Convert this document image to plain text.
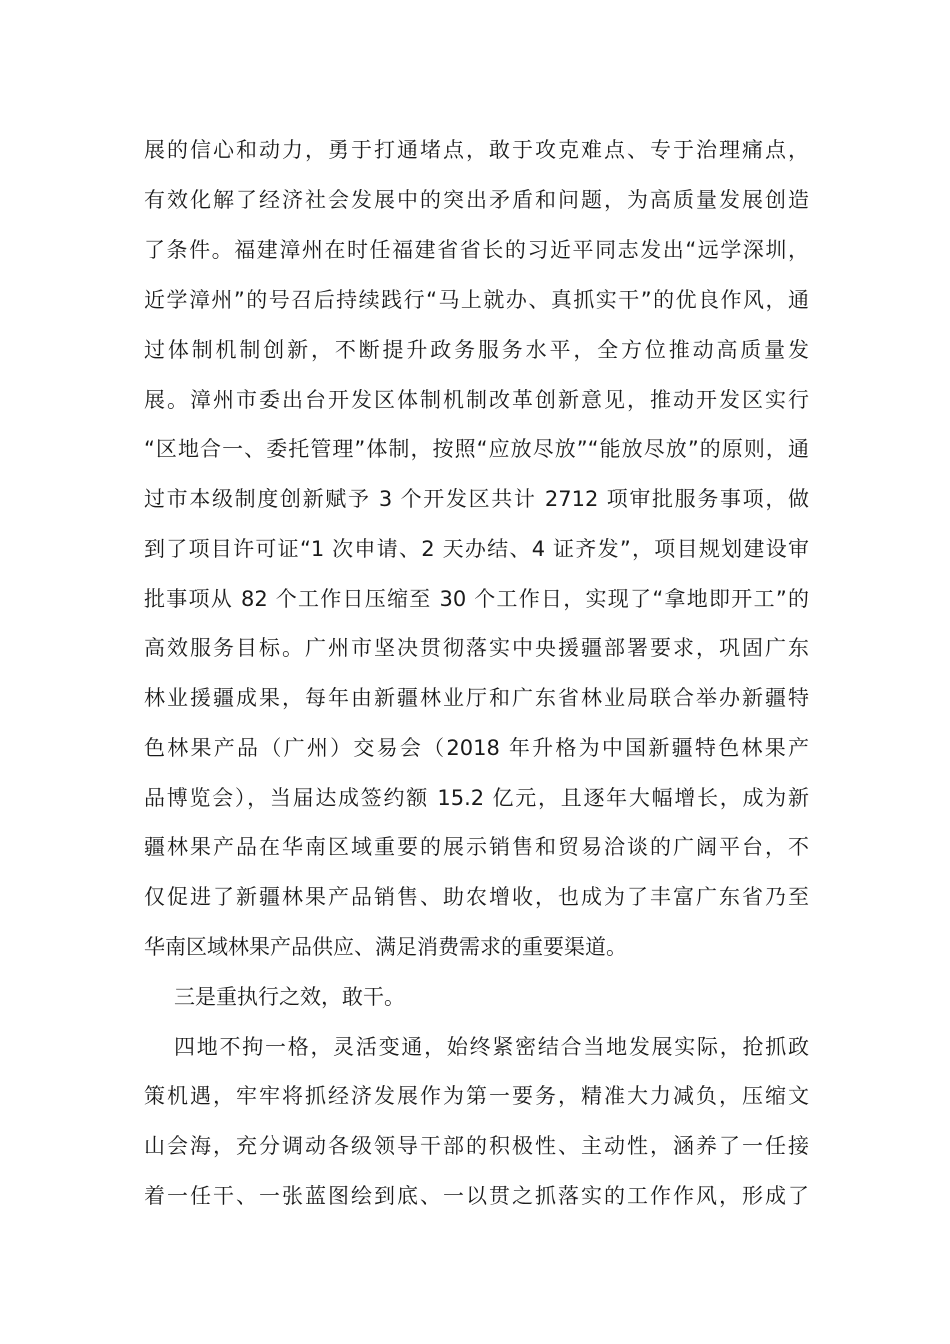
展的信心和动力，勇于打通堵点，敢于攻克难点、专于治理痛点，
有效化解了经济社会发展中的突出矛盾和问题，为高质量发展创造
了条件。福建漳州在时任福建省省长的习近平同志发出“远学深圳，
近学漳州”的号召后持续践行“马上就办、真抓实干”的优良作风，通
过体制机制创新，不断提升政务服务水平，全方位推动高质量发
展。漳州市委出台开发区体制机制改革创新意见，推动开发区实行
“区地合一、委托管理”体制，按照“应放尽放”“能放尽放”的原则，通
过市本级制度创新赋予 3 个开发区共计 2712 项审批服务事项，做
到了项目许可证“1 次申请、2 天办结、4 证齐发”，项目规划建设审
批事项从 82 个工作日压缩至 30 个工作日，实现了“拿地即开工”的
高效服务目标。广州市坚决贯彻落实中央援疆部署要求，巩固广东
林业援疆成果，每年由新疆林业厅和广东省林业局联合举办新疆特
色林果产品（广州）交易会（2018 年升格为中国新疆特色林果产
品博览会），当届达成签约额 15.2 亿元，且逐年大幅增长，成为新
疆林果产品在华南区域重要的展示销售和贸易洽谈的广阔平台，不
仅促进了新疆林果产品销售、助农增收，也成为了丰富广东省乃至
华南区域林果产品供应、满足消费需求的重要渠道。
三是重执行之效，敢干。
四地不拘一格，灵活变通，始终紧密结合当地发展实际，抢抓政
策机遇，牢牢将抓经济发展作为第一要务，精准大力减负，压缩文
山会海，充分调动各级领导干部的积极性、主动性，涵养了一任接
着一任干、一张蓝图绘到底、一以贯之抓落实的工作作风，形成了
